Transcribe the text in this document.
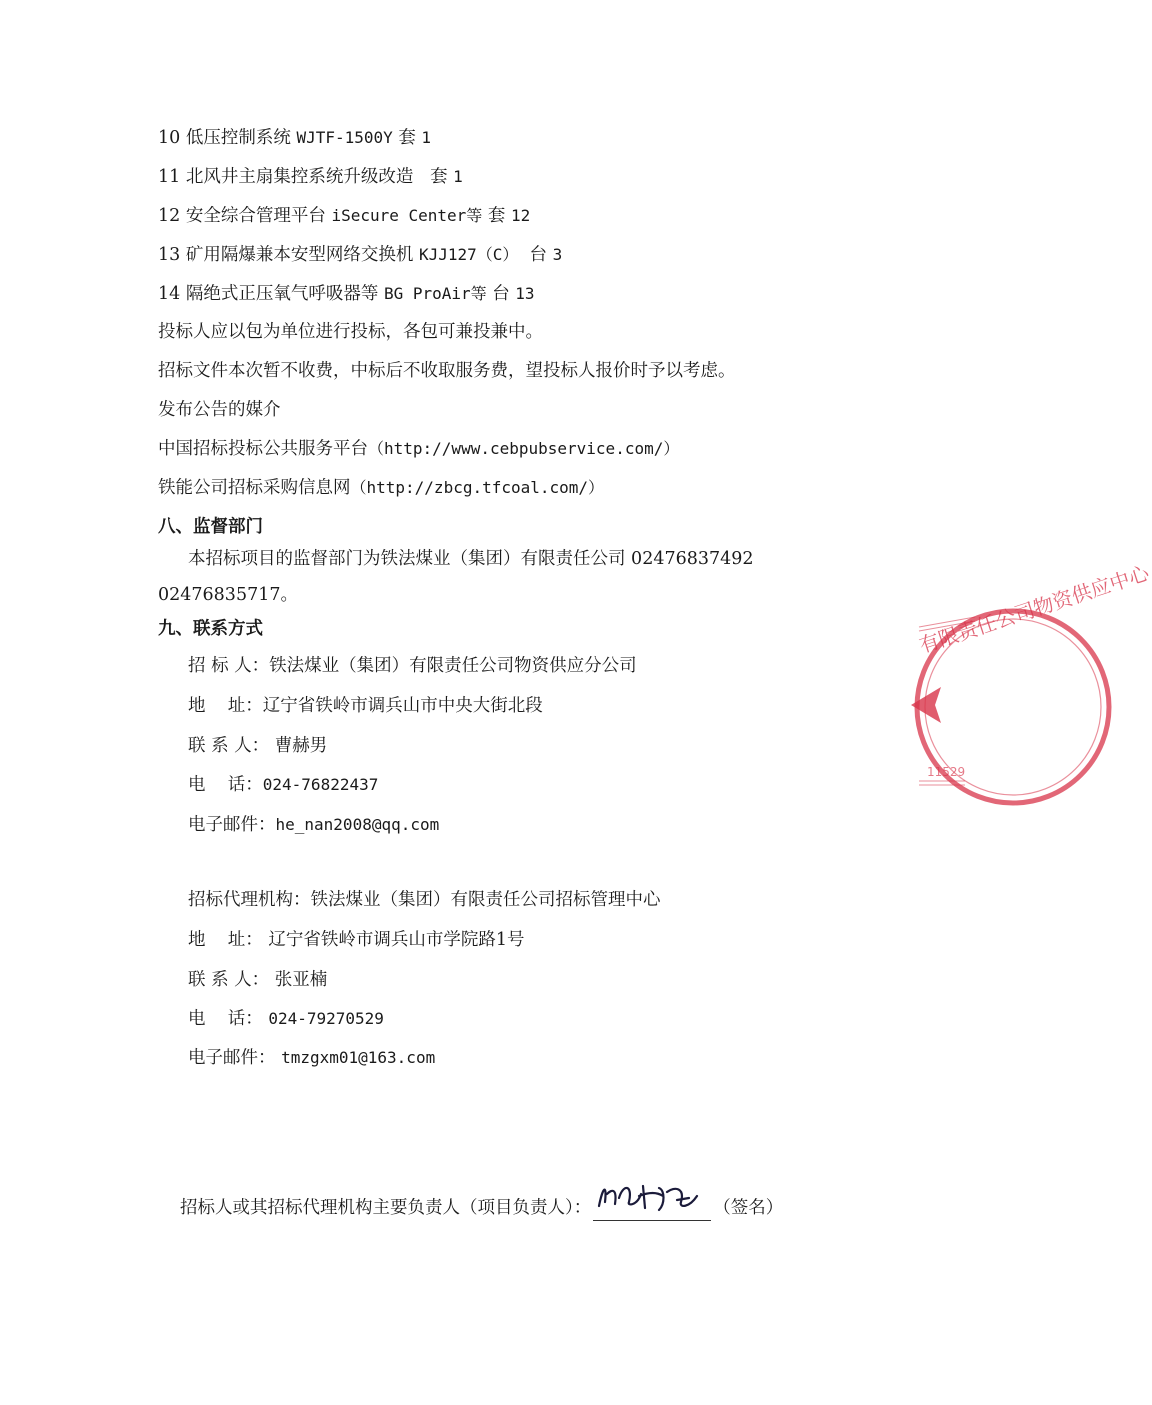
10 低压控制系统 WJTF-1500Y 套 1
11 北风井主扇集控系统升级改造 套 1
12 安全综合管理平台 iSecure Center等 套 12
13 矿用隔爆兼本安型网络交换机 KJJ127（C） 台 3
14 隔绝式正压氧气呼吸器等 BG ProAir等 台 13
投标人应以包为单位进行投标，各包可兼投兼中。
招标文件本次暂不收费，中标后不收取服务费，望投标人报价时予以考虑。
发布公告的媒介
中国招标投标公共服务平台（http://www.cebpubservice.com/）
铁能公司招标采购信息网（http://zbcg.tfcoal.com/）
八、监督部门
本招标项目的监督部门为铁法煤业（集团）有限责任公司 02476837492
02476835717。
九、联系方式
招 标 人：铁法煤业（集团）有限责任公司物资供应分公司
地    址：辽宁省铁岭市调兵山市中央大街北段
联 系 人： 曹赫男
电    话：024-76822437
电子邮件：he_nan2008@qq.com
招标代理机构：铁法煤业（集团）有限责任公司招标管理中心
地    址： 辽宁省铁岭市调兵山市学院路1号
联 系 人： 张亚楠
电    话： 024-79270529
电子邮件： tmzgxm01@163.com
招标人或其招标代理机构主要负责人（项目负责人）：	（签名）
有限责任公司物资供应中心
11529
